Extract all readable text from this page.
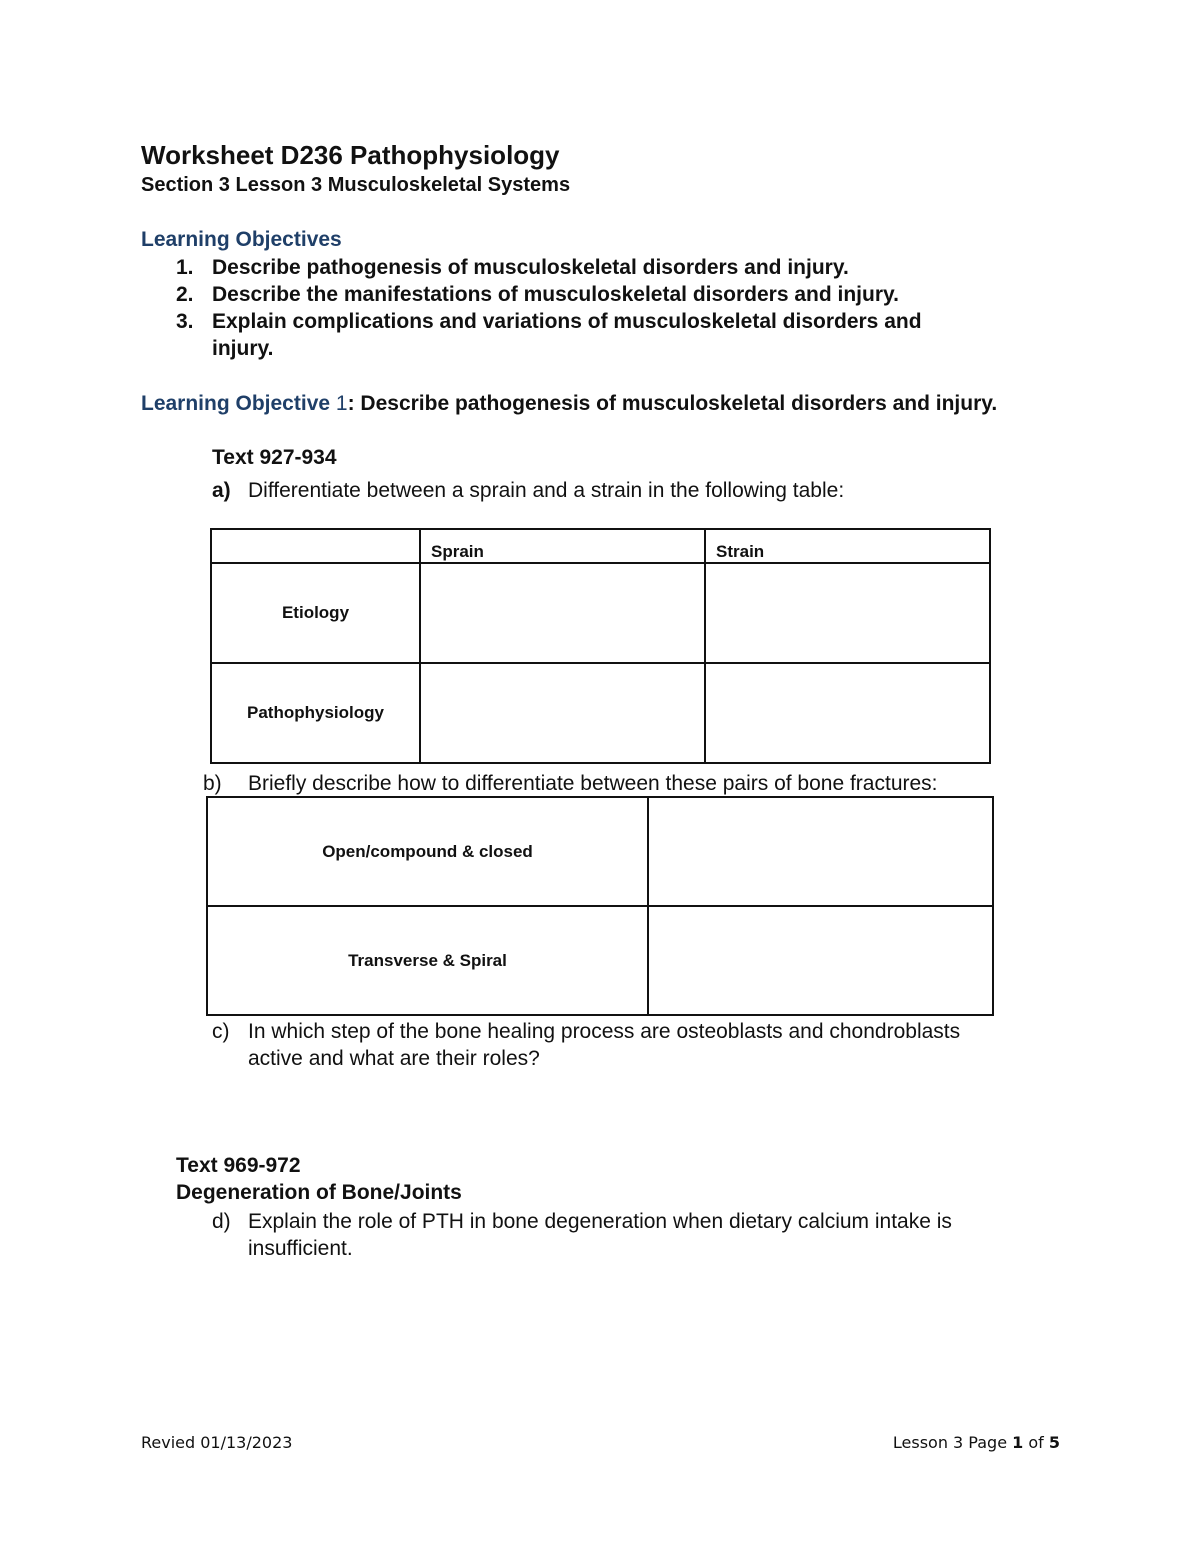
Worksheet D236 Pathophysiology
Section 3 Lesson 3 Musculoskeletal Systems
Learning Objectives
1. Describe pathogenesis of musculoskeletal disorders and injury.
2. Describe the manifestations of musculoskeletal disorders and injury.
3. Explain complications and variations of musculoskeletal disorders and
injury.
Learning Objective 1: Describe pathogenesis of musculoskeletal disorders and injury.
Text 927-934
a) Differentiate between a sprain and a strain in the following table:
	Sprain	Strain
Etiology		
Pathophysiology		
b) Briefly describe how to differentiate between these pairs of bone fractures:
Open/compound & closed	
Transverse & Spiral	
c) In which step of the bone healing process are osteoblasts and chondroblasts
active and what are their roles?
Text 969-972
Degeneration of Bone/Joints
d) Explain the role of PTH in bone degeneration when dietary calcium intake is
insufficient.
Revied 01/13/2023	Lesson 3 Page 1 of 5
